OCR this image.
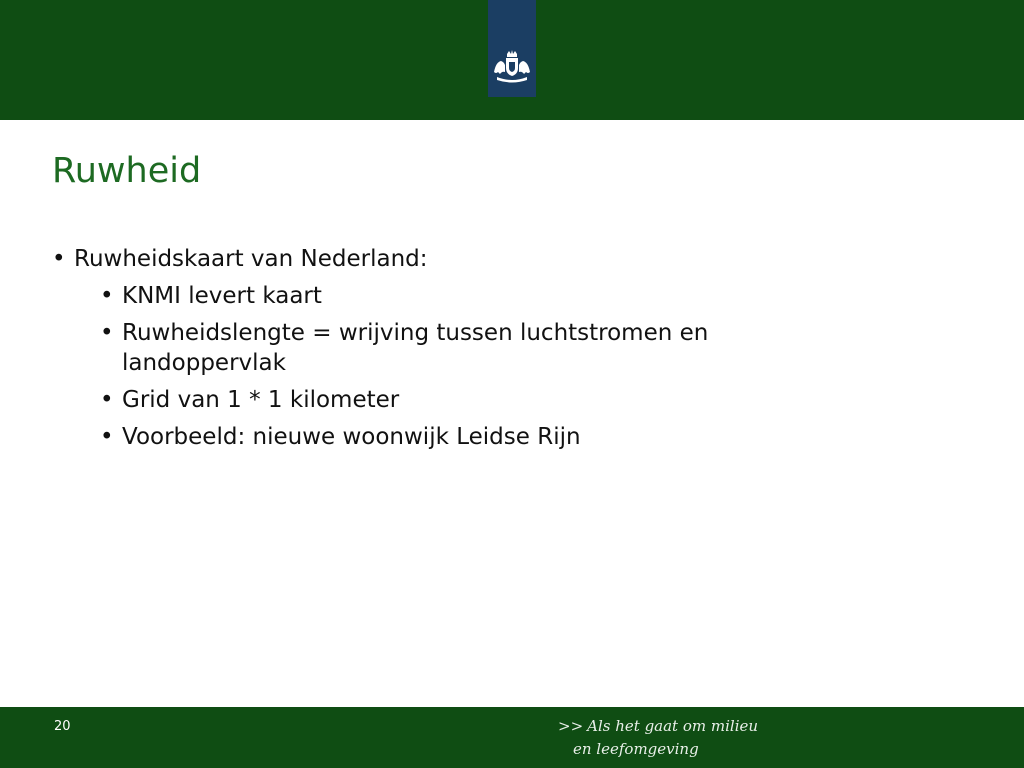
Ruwheid
• Ruwheidskaart van Nederland:
• KNMI levert kaart
• Ruwheidslengte = wrijving tussen luchtstromen en landoppervlak
• Grid van 1 * 1 kilometer
• Voorbeeld: nieuwe woonwijk Leidse Rijn
20	>> Als het gaat om milieu
en leefomgeving
